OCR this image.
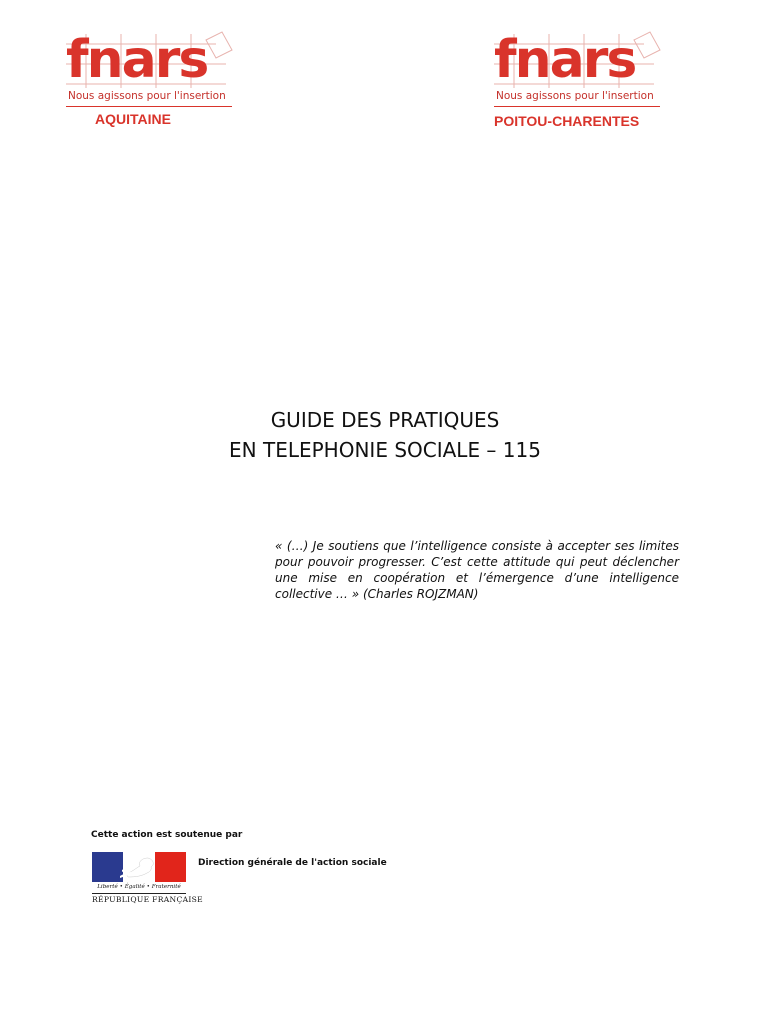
fnars
Nous agissons pour l'insertion
AQUITAINE
fnars
Nous agissons pour l'insertion
POITOU-CHARENTES
GUIDE DES PRATIQUES
EN TELEPHONIE SOCIALE – 115
« (…) Je soutiens que l’intelligence consiste à accepter ses limites pour pouvoir progresser. C’est cette attitude qui peut déclencher une mise en coopération et l’émergence d’une intelligence collective … » (Charles ROJZMAN)
Cette action est soutenue par
Liberté • Égalité • Fraternité
RÉPUBLIQUE FRANÇAISE
Direction générale de l'action sociale
